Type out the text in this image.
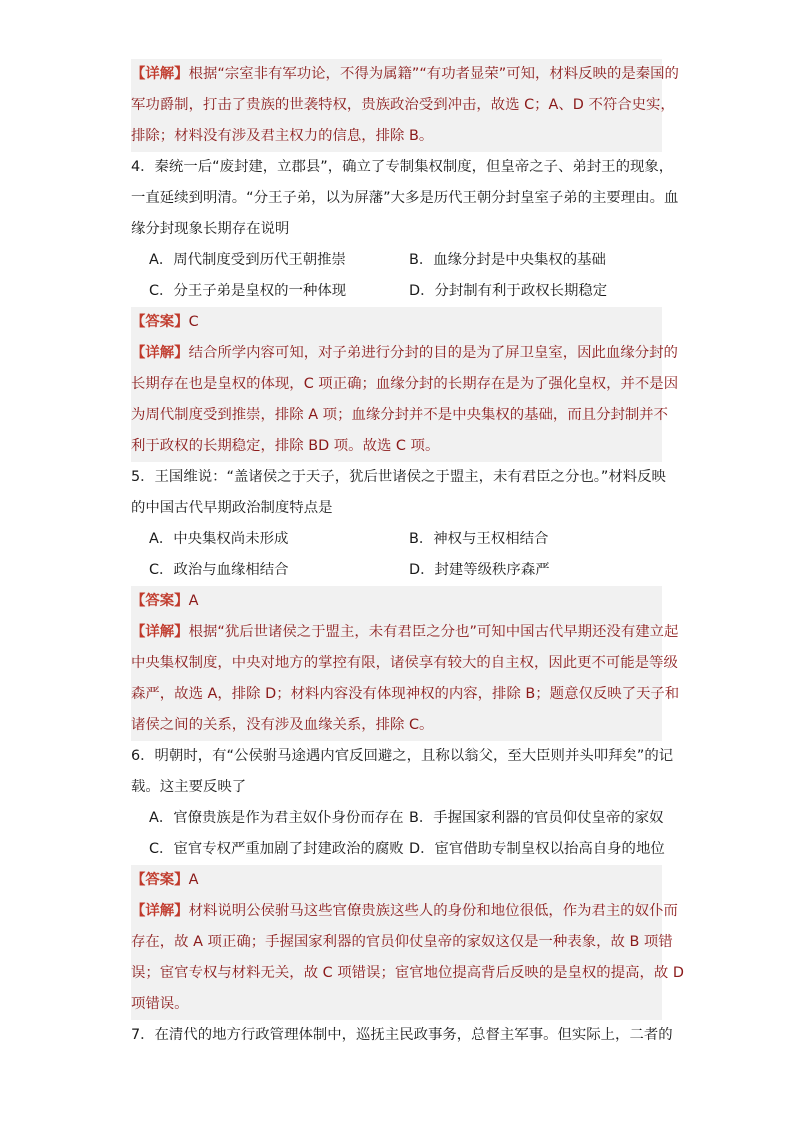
【详解】根据“宗室非有军功论，不得为属籍”“有功者显荣”可知，材料反映的是秦国的
军功爵制，打击了贵族的世袭特权，贵族政治受到冲击，故选 C；A、D 不符合史实，
排除；材料没有涉及君主权力的信息，排除 B。
4．秦统一后“废封建，立郡县”，确立了专制集权制度，但皇帝之子、弟封王的现象，
一直延续到明清。“分王子弟，以为屏藩”大多是历代王朝分封皇室子弟的主要理由。血
缘分封现象长期存在说明
A．周代制度受到历代王朝推崇	B．血缘分封是中央集权的基础
C．分王子弟是皇权的一种体现	D．分封制有利于政权长期稳定
【答案】C
【详解】结合所学内容可知，对子弟进行分封的目的是为了屏卫皇室，因此血缘分封的
长期存在也是皇权的体现，C 项正确；血缘分封的长期存在是为了强化皇权，并不是因
为周代制度受到推崇，排除 A 项；血缘分封并不是中央集权的基础，而且分封制并不
利于政权的长期稳定，排除 BD 项。故选 C 项。
5．王国维说：“盖诸侯之于天子，犹后世诸侯之于盟主，未有君臣之分也。”材料反映
的中国古代早期政治制度特点是
A．中央集权尚未形成	B．神权与王权相结合
C．政治与血缘相结合	D．封建等级秩序森严
【答案】A
【详解】根据“犹后世诸侯之于盟主，未有君臣之分也”可知中国古代早期还没有建立起
中央集权制度，中央对地方的掌控有限，诸侯享有较大的自主权，因此更不可能是等级
森严，故选 A，排除 D；材料内容没有体现神权的内容，排除 B；题意仅反映了天子和
诸侯之间的关系，没有涉及血缘关系，排除 C。
6．明朝时，有“公侯驸马途遇内官反回避之，且称以翁父，至大臣则并头叩拜矣”的记
载。这主要反映了
A．官僚贵族是作为君主奴仆身份而存在 B．手握国家利器的官员仰仗皇帝的家奴
C．宦官专权严重加剧了封建政治的腐败 D．宦官借助专制皇权以抬高自身的地位
【答案】A
【详解】材料说明公侯驸马这些官僚贵族这些人的身份和地位很低，作为君主的奴仆而
存在，故 A 项正确；手握国家利器的官员仰仗皇帝的家奴这仅是一种表象，故 B 项错
误；宦官专权与材料无关，故 C 项错误；宦官地位提高背后反映的是皇权的提高，故 D
项错误。
7．在清代的地方行政管理体制中，巡抚主民政事务，总督主军事。但实际上，二者的
